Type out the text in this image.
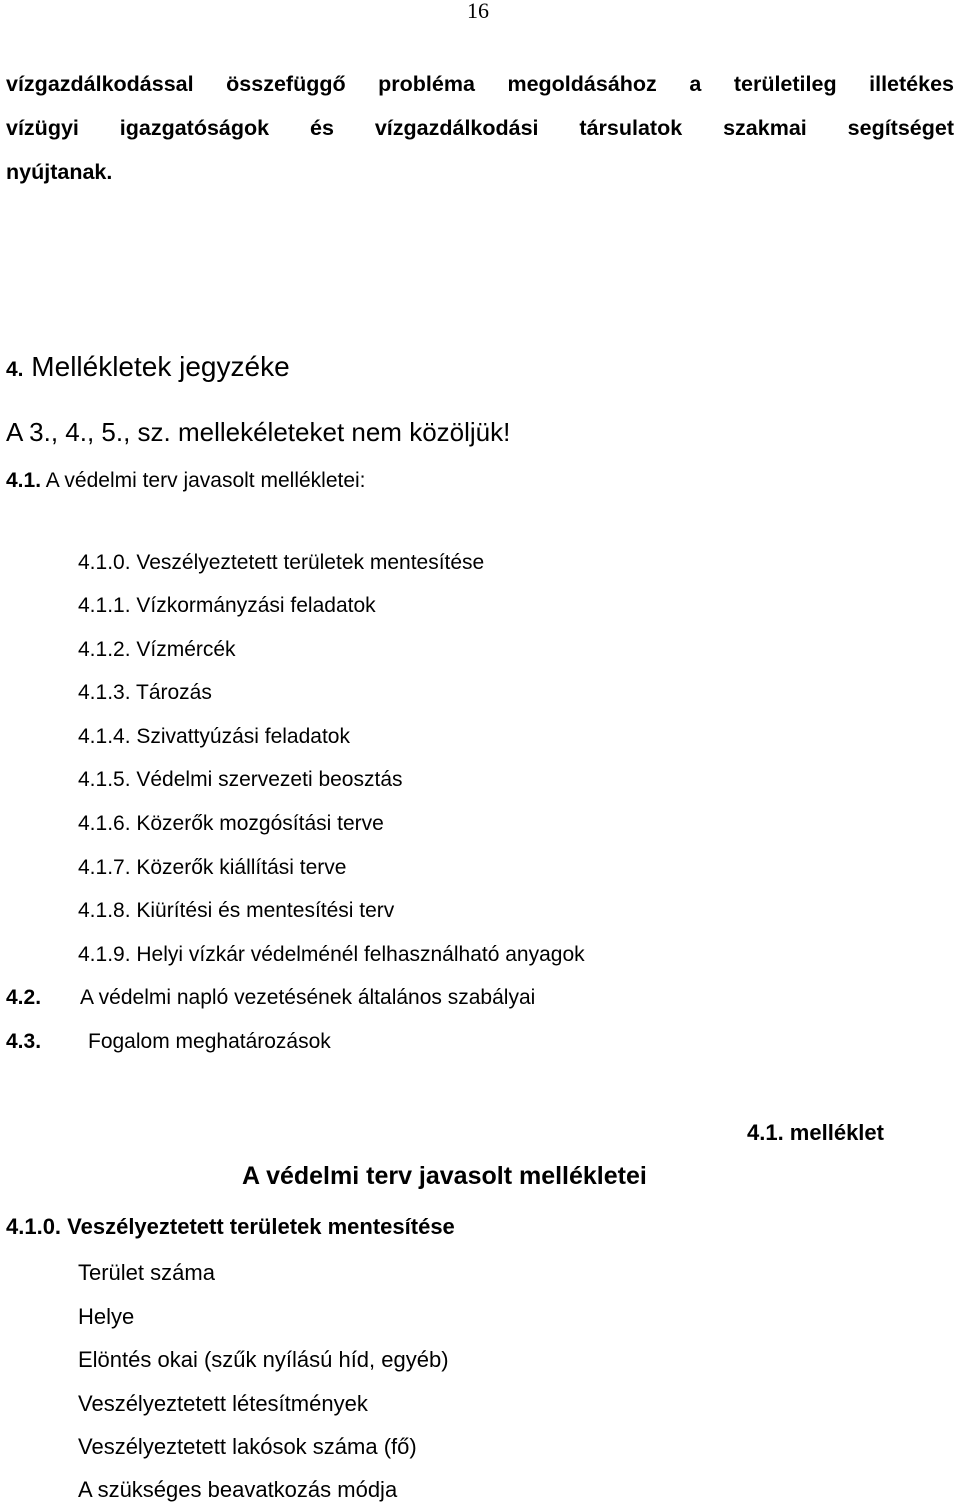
16
vízgazdálkodással összefüggő probléma megoldásához a területileg illetékes
vízügyi igazgatóságok és vízgazdálkodási társulatok szakmai segítséget
nyújtanak.
4. Mellékletek jegyzéke
A 3., 4., 5., sz. mellekéleteket nem közöljük!
4.1. A védelmi terv javasolt mellékletei:
4.1.0. Veszélyeztetett területek mentesítése
4.1.1. Vízkormányzási feladatok
4.1.2. Vízmércék
4.1.3. Tározás
4.1.4. Szivattyúzási feladatok
4.1.5. Védelmi szervezeti beosztás
4.1.6. Közerők mozgósítási terve
4.1.7. Közerők kiállítási terve
4.1.8. Kiürítési és mentesítési terv
4.1.9. Helyi vízkár védelménél felhasználható anyagok
4.2. A védelmi napló vezetésének általános szabályai
4.3. Fogalom meghatározások
4.1. melléklet
A védelmi terv javasolt mellékletei
4.1.0. Veszélyeztetett területek mentesítése
Terület száma
Helye
Elöntés okai (szűk nyílású híd, egyéb)
Veszélyeztetett létesítmények
Veszélyeztetett lakósok száma (fő)
A szükséges beavatkozás módja
